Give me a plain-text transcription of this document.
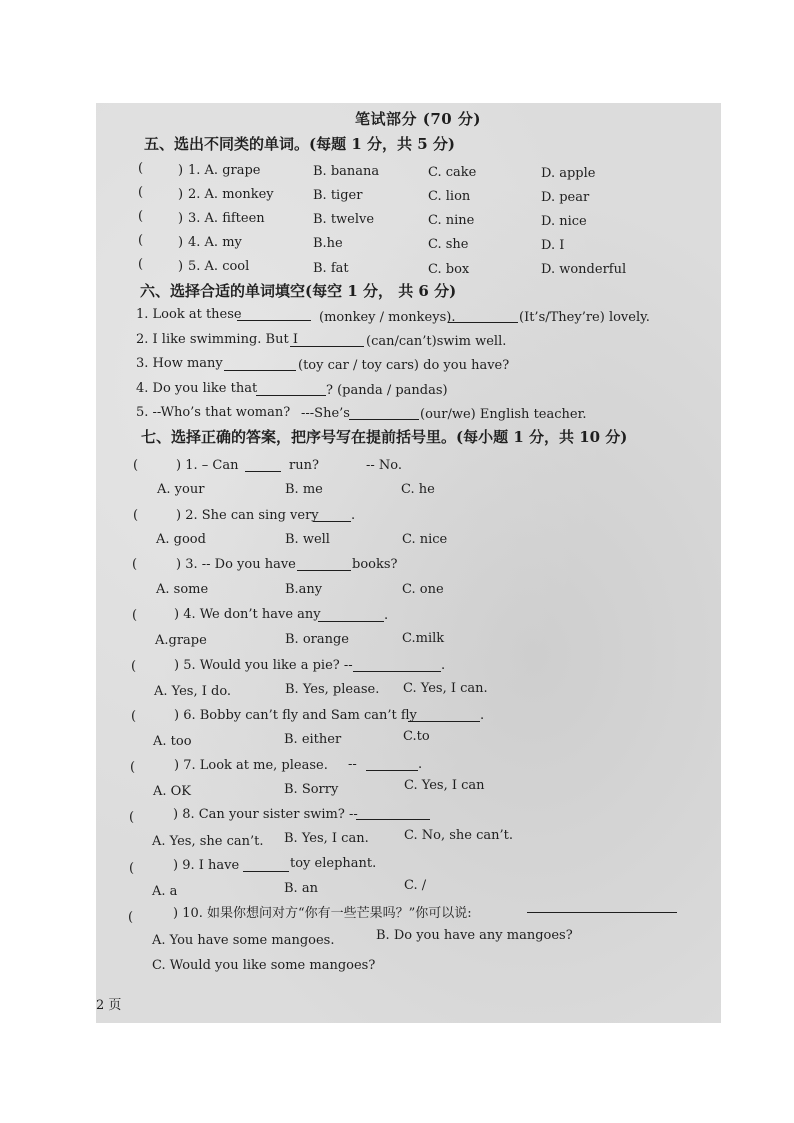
笔试部分 (70 分)
五、选出不同类的单词。(每题 1 分，共 5 分)
(	) 1. A. grape	B. banana	C. cake	D. apple
(	) 2. A. monkey	B. tiger	C. lion	D. pear
(	) 3. A. fifteen	B. twelve	C. nine	D. nice
(	) 4. A. my	B.he	C. she	D. I
(	) 5. A. cool	B. fat	C. box	D. wonderful
六、选择合适的单词填空(每空 1 分， 共 6 分)
1. Look at these	(monkey / monkeys).	(It’s/They’re) lovely.
2. I like swimming. But I	(can/can’t)swim well.
3. How many	(toy car / toy cars) do you have?
4. Do you like that	? (panda / pandas)
5. --Who’s that woman? ---She’s	(our/we) English teacher.
七、选择正确的答案，把序号写在提前括号里。(每小题 1 分，共 10 分)
(	) 1. – Can	run?	-- No.
A. your	B. me	C. he
(	) 2. She can sing very .
A. good	B. well	C. nice
(	) 3. -- Do you have	books?
A. some	B.any	C. one
(	) 4. We don’t have any	.
A.grape	B. orange	C.milk
(	) 5. Would you like a pie? --	.
A. Yes, I do.	B. Yes, please. C. Yes, I can.
(	) 6. Bobby can’t fly and Sam can’t fly	.
A. too	B. either	C.to
(	) 7. Look at me, please. --	.
A. OK	B. Sorry	C. Yes, I can
(	) 8. Can your sister swim? --
A. Yes, she can’t. B. Yes, I can.	C. No, she can’t.
(	) 9. I have	toy elephant.
A. a	B. an	C. /
(	) 10. 如果你想问对方“你有一些芒果吗？”你可以说:
A. You have some mangoes.	B. Do you have any mangoes?
C. Would you like some mangoes?
2 页
